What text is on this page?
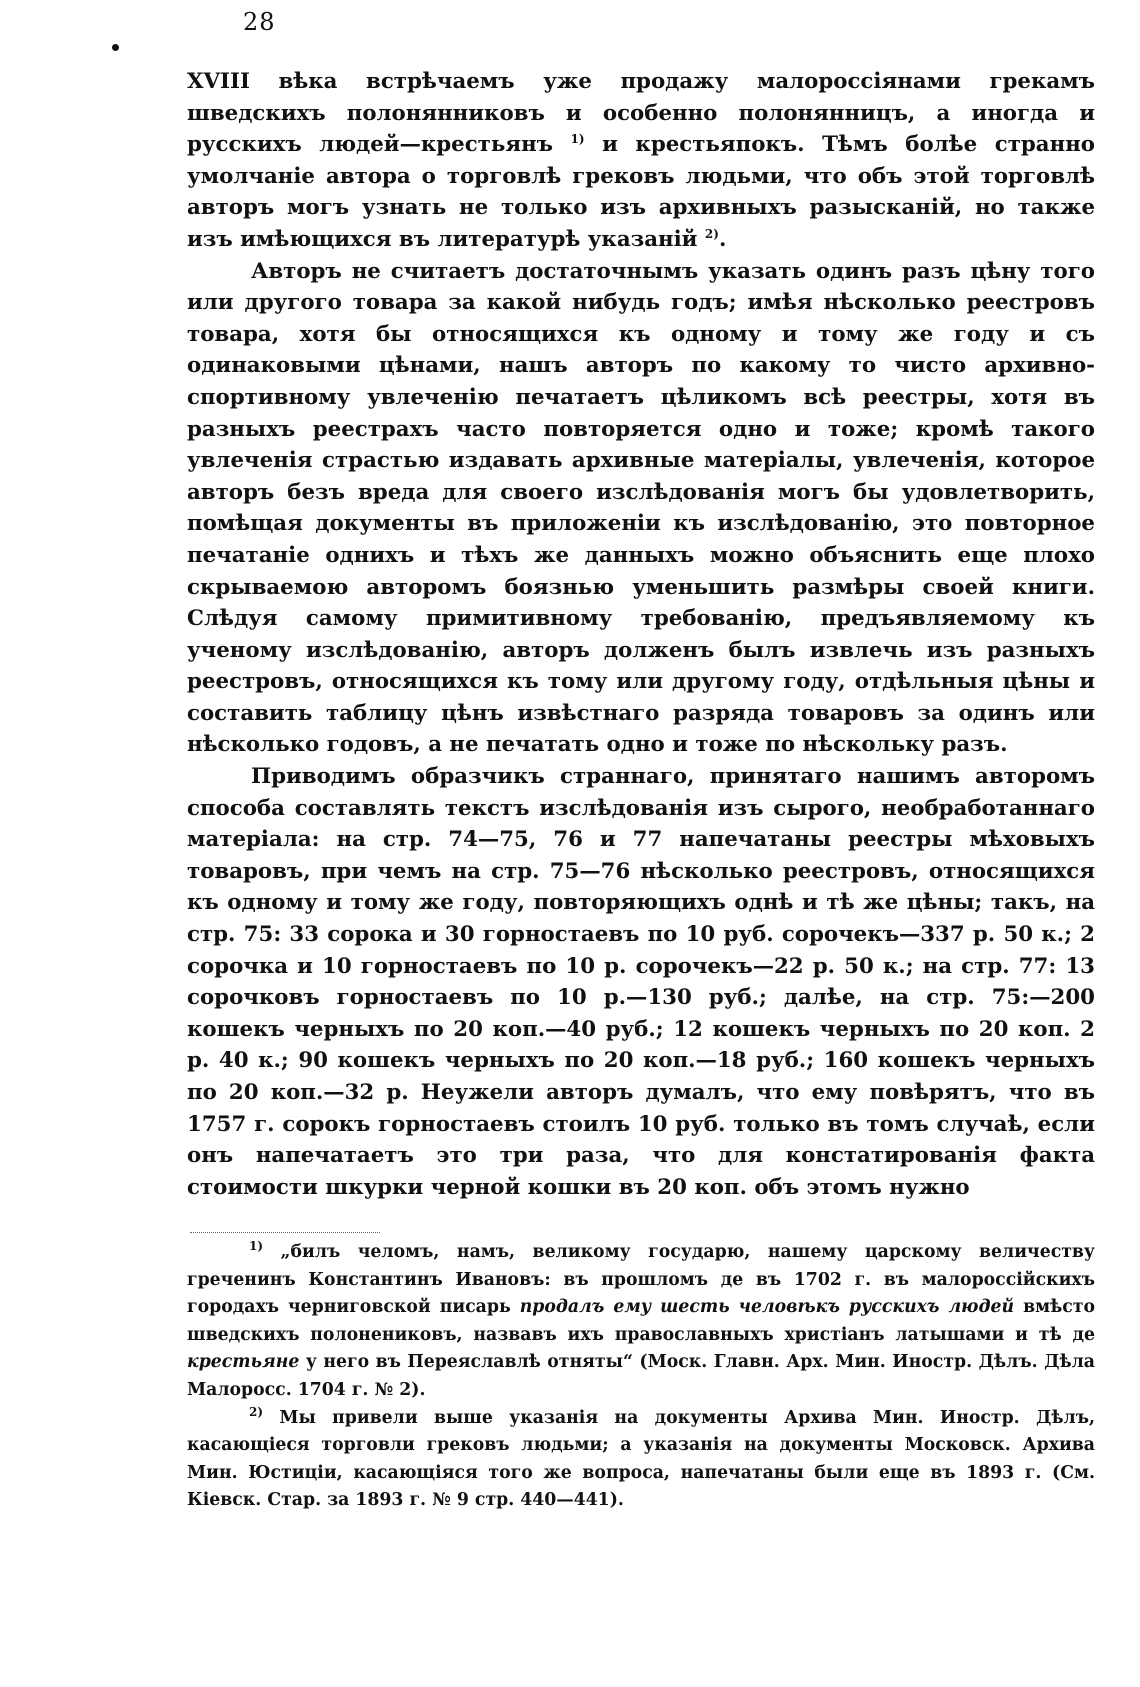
28

XVIII вѣка встрѣчаемъ уже продажу малороссіянами грекамъ шведскихъ полонянниковъ и особенно полонянницъ, а иногда и русскихъ людей—крестьянъ $^{1)}$ и крестьяпокъ. Тѣмъ болѣе странно умолчаніе автора о торговлѣ грековъ людьми, что объ этой торговлѣ авторъ могъ узнать не только изъ архивныхъ разысканій, но также изъ имѣющихся въ литературѣ указаній $^{2)}$.

Авторъ не считаетъ достаточнымъ указать одинъ разъ цѣну того или другого товара за какой нибудь годъ; имѣя нѣсколько реестровъ товара, хотя бы относящихся къ одному и тому же году и съ одинаковыми цѣнами, нашъ авторъ по какому то чисто архивно-спортивному увлеченію печатаетъ цѣликомъ всѣ реестры, хотя въ разныхъ реестрахъ часто повторяется одно и тоже; кромѣ такого увлеченія страстью издавать архивные матеріалы, увлеченія, которое авторъ безъ вреда для своего изслѣдованія могъ бы удовлетворить, помѣщая документы въ приложеніи къ изслѣдованію, это повторное печатаніе однихъ и тѣхъ же данныхъ можно объяснить еще плохо скрываемою авторомъ боязнью уменьшить размѣры своей книги. Слѣдуя самому примитивному требованію, предъявляемому къ ученому изслѣдованію, авторъ долженъ былъ извлечь изъ разныхъ реестровъ, относящихся къ тому или другому году, отдѣльныя цѣны и составить таблицу цѣнъ извѣстнаго разряда товаровъ за одинъ или нѣсколько годовъ, а не печатать одно и тоже по нѣскольку разъ.

Приводимъ образчикъ страннаго, принятаго нашимъ авторомъ способа составлять текстъ изслѣдованія изъ сырого, необработаннаго матеріала: на стр. 74—75, 76 и 77 напечатаны реестры мѣховыхъ товаровъ, при чемъ на стр. 75—76 нѣсколько реестровъ, относящихся къ одному и тому же году, повторяющихъ однѣ и тѣ же цѣны; такъ, на стр. 75: 33 сорока и 30 горностаевъ по 10 руб. сорочекъ—337 р. 50 к.; 2 сорочка и 10 горностаевъ по 10 р. сорочекъ—22 р. 50 к.; на стр. 77: 13 сорочковъ горностаевъ по 10 р.—130 руб.; далѣе, на стр. 75:—200 кошекъ черныхъ по 20 коп.—40 руб.; 12 кошекъ черныхъ по 20 коп. 2 р. 40 к.; 90 кошекъ черныхъ по 20 коп.—18 руб.; 160 кошекъ черныхъ по 20 коп.—32 р. Неужели авторъ думалъ, что ему повѣрятъ, что въ 1757 г. сорокъ горностаевъ стоилъ 10 руб. только въ томъ случаѣ, если онъ напечатаетъ это три раза, что для констатированія факта стоимости шкурки черной кошки въ 20 коп. объ этомъ нужно

$^{1)}$ „билъ челомъ, намъ, великому государю, нашему царскому величеству греченинъ Константинъ Ивановъ: въ прошломъ де въ 1702 г. въ малороссійскихъ городахъ черниговской писарь продалъ ему шесть человѣкъ русскихъ людей вмѣсто шведскихъ полонениковъ, назвавъ ихъ православныхъ христіанъ латышами и тѣ де крестьяне у него въ Переяславлѣ отняты“ (Моск. Главн. Арх. Мин. Иностр. Дѣлъ. Дѣла Малоросс. 1704 г. № 2).

$^{2)}$ Мы привели выше указанія на документы Архива Мин. Иностр. Дѣлъ, касающіеся торговли грековъ людьми; а указанія на документы Московск. Архива Мин. Юстиціи, касающіяся того же вопроса, напечатаны были еще въ 1893 г. (См. Кіевск. Стар. за 1893 г. № 9 стр. 440—441).
